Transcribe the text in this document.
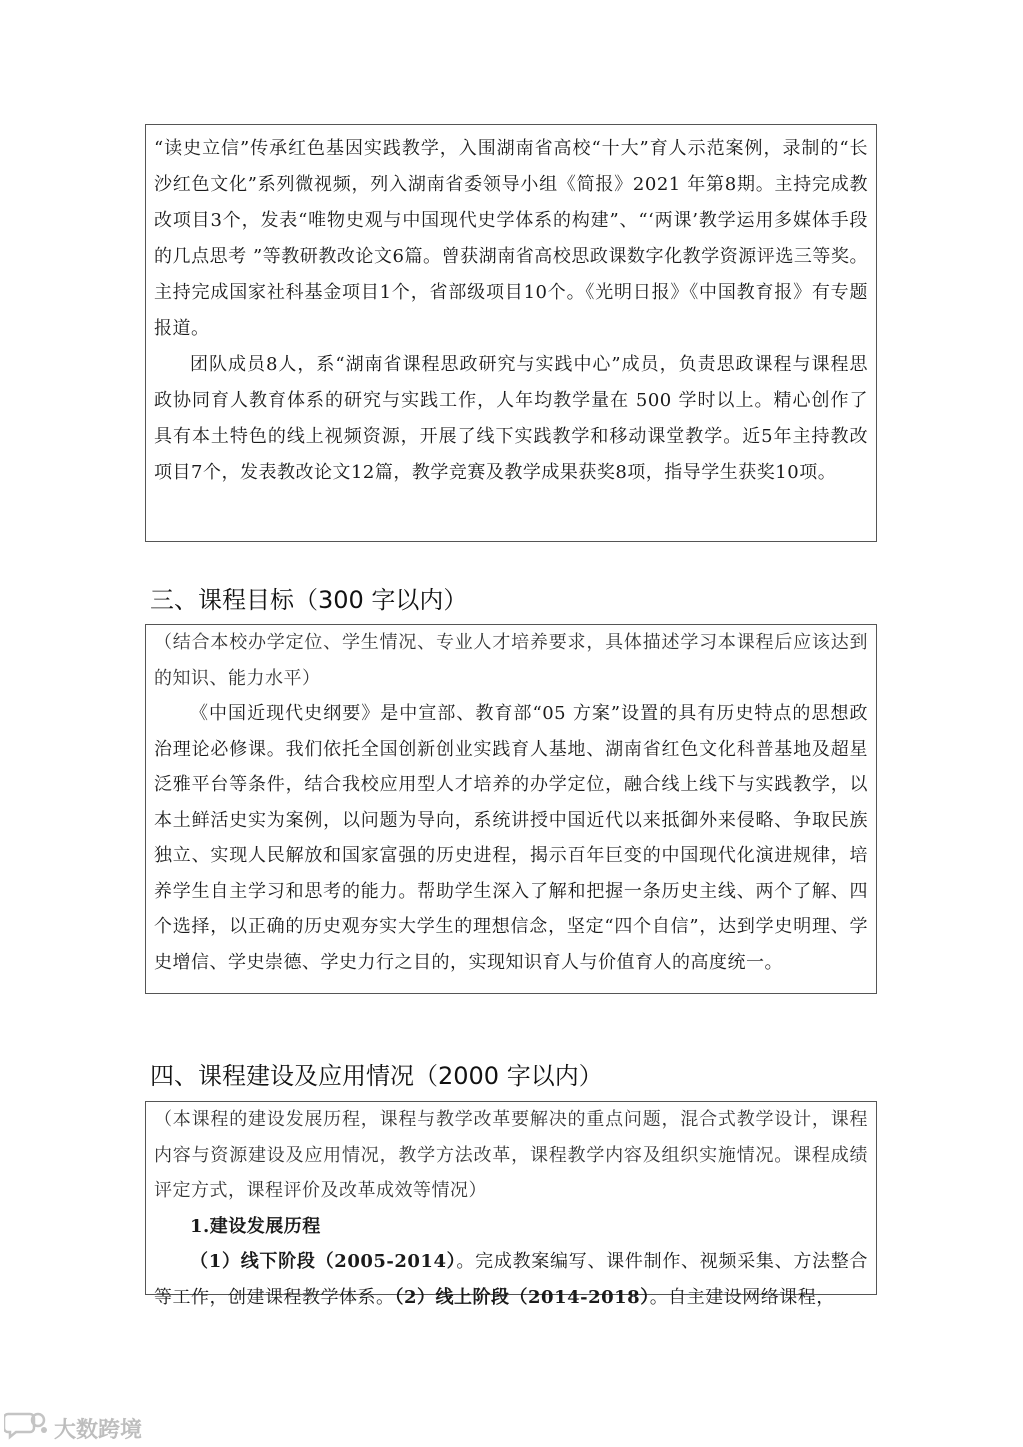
“读史立信”传承红色基因实践教学，入围湖南省高校“十大”育人示范案例，录制的“长沙红色文化”系列微视频，列入湖南省委领导小组《简报》2021 年第8期。主持完成教改项目3个，发表“唯物史观与中国现代史学体系的构建”、“‘两课’教学运用多媒体手段的几点思考 ”等教研教改论文6篇。曾获湖南省高校思政课数字化教学资源评选三等奖。主持完成国家社科基金项目1个，省部级项目10个。《光明日报》《中国教育报》有专题报道。

团队成员8人，系“湖南省课程思政研究与实践中心”成员，负责思政课程与课程思政协同育人教育体系的研究与实践工作，人年均教学量在 500 学时以上。精心创作了具有本土特色的线上视频资源，开展了线下实践教学和移动课堂教学。近5年主持教改项目7个，发表教改论文12篇，教学竞赛及教学成果获奖8项，指导学生获奖10项。

三、课程目标（300 字以内）

（结合本校办学定位、学生情况、专业人才培养要求，具体描述学习本课程后应该达到的知识、能力水平）

《中国近现代史纲要》是中宣部、教育部“05 方案”设置的具有历史特点的思想政治理论必修课。我们依托全国创新创业实践育人基地、湖南省红色文化科普基地及超星泛雅平台等条件，结合我校应用型人才培养的办学定位，融合线上线下与实践教学，以本土鲜活史实为案例，以问题为导向，系统讲授中国近代以来抵御外来侵略、争取民族独立、实现人民解放和国家富强的历史进程，揭示百年巨变的中国现代化演进规律，培养学生自主学习和思考的能力。帮助学生深入了解和把握一条历史主线、两个了解、四个选择，以正确的历史观夯实大学生的理想信念，坚定“四个自信”，达到学史明理、学史增信、学史崇德、学史力行之目的，实现知识育人与价值育人的高度统一。

四、课程建设及应用情况（2000 字以内）

（本课程的建设发展历程，课程与教学改革要解决的重点问题，混合式教学设计，课程内容与资源建设及应用情况，教学方法改革，课程教学内容及组织实施情况。课程成绩评定方式，课程评价及改革成效等情况）

1.建设发展历程

（1）线下阶段（2005-2014）。完成教案编写、课件制作、视频采集、方法整合等工作，创建课程教学体系。（2）线上阶段（2014-2018）。自主建设网络课程，

大数跨境
